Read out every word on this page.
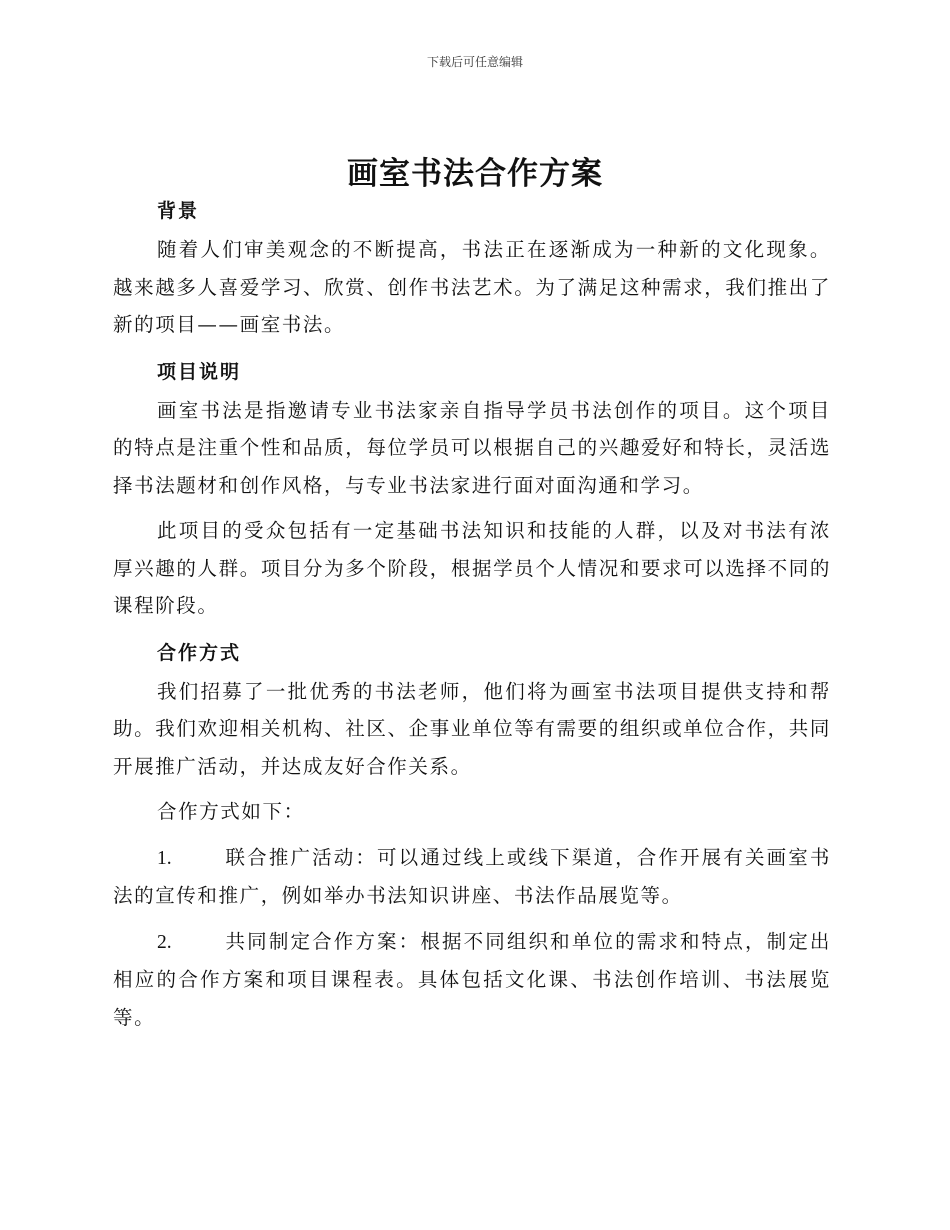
下载后可任意编辑
画室书法合作方案
背景

随着人们审美观念的不断提高，书法正在逐渐成为一种新的文化现象。越来越多人喜爱学习、欣赏、创作书法艺术。为了满足这种需求，我们推出了新的项目——画室书法。

项目说明

画室书法是指邀请专业书法家亲自指导学员书法创作的项目。这个项目的特点是注重个性和品质，每位学员可以根据自己的兴趣爱好和特长，灵活选择书法题材和创作风格，与专业书法家进行面对面沟通和学习。

此项目的受众包括有一定基础书法知识和技能的人群，以及对书法有浓厚兴趣的人群。项目分为多个阶段，根据学员个人情况和要求可以选择不同的课程阶段。

合作方式

我们招募了一批优秀的书法老师，他们将为画室书法项目提供支持和帮助。我们欢迎相关机构、社区、企事业单位等有需要的组织或单位合作，共同开展推广活动，并达成友好合作关系。

合作方式如下：

1.	联合推广活动：可以通过线上或线下渠道，合作开展有关画室书法的宣传和推广，例如举办书法知识讲座、书法作品展览等。

2.	共同制定合作方案：根据不同组织和单位的需求和特点，制定出相应的合作方案和项目课程表。具体包括文化课、书法创作培训、书法展览等。
